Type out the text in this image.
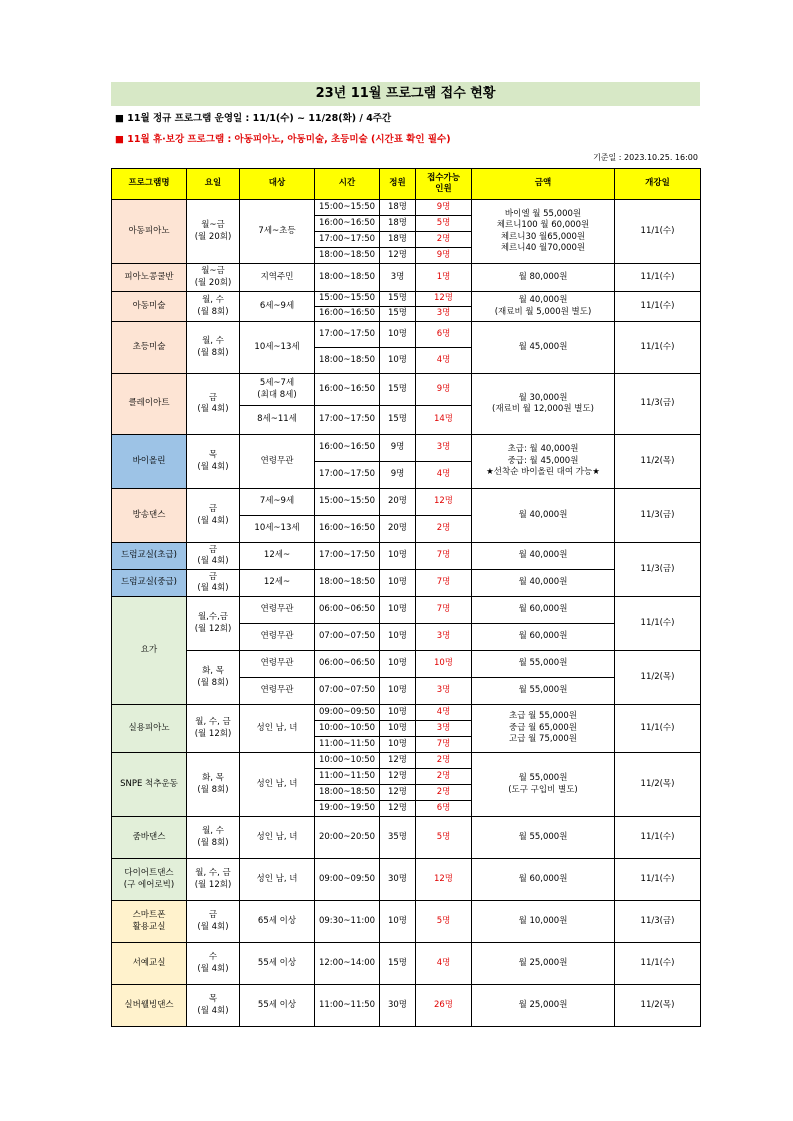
23년 11월 프로그램 접수 현황
■ 11월 정규 프로그램 운영일 : 11/1(수) ~ 11/28(화) / 4주간
■ 11월 휴·보강 프로그램 : 아동피아노, 아동미술, 초등미술 (시간표 확인 필수)
기준일 : 2023.10.25. 16:00
프로그램명	요일	대상	시간	정원	접수가능
인원	금액	개강일
아동피아노	월~금
(월 20회)	7세~초등	15:00~15:50	18명	9명	바이엘 월 55,000원
체르니100 월 60,000원
체르니30 월65,000원
체르니40 월70,000원	11/1(수)
			16:00~16:50	18명	5명		
			17:00~17:50	18명	2명		
			18:00~18:50	12명	9명		
피아노콩쿨반	월~금
(월 20회)	지역주민	18:00~18:50	3명	1명	월 80,000원	11/1(수)
아동미술	월, 수
(월 8회)	6세~9세	15:00~15:50	15명	12명	월 40,000원
(재료비 월 5,000원 별도)	11/1(수)
			16:00~16:50	15명	3명		
초등미술	월, 수
(월 8회)	10세~13세	17:00~17:50	10명	6명	월 45,000원	11/1(수)
			18:00~18:50	10명	4명		
클레이아트	금
(월 4회)	5세~7세
(최대 8세)	16:00~16:50	15명	9명	월 30,000원
(재료비 월 12,000원 별도)	11/3(금)
		8세~11세	17:00~17:50	15명	14명		
바이올린	목
(월 4회)	연령무관	16:00~16:50	9명	3명	초급: 월 40,000원
중급: 월 45,000원
★선착순 바이올린 대여 가능★	11/2(목)
			17:00~17:50	9명	4명		
방송댄스	금
(월 4회)	7세~9세	15:00~15:50	20명	12명	월 40,000원	11/3(금)
		10세~13세	16:00~16:50	20명	2명		
드럼교실(초급)	금
(월 4회)	12세~	17:00~17:50	10명	7명	월 40,000원	11/3(금)
드럼교실(중급)	금
(월 4회)	12세~	18:00~18:50	10명	7명	월 40,000원	
요가	월,수,금
(월 12회)	연령무관	06:00~06:50	10명	7명	월 60,000원	11/1(수)
		연령무관	07:00~07:50	10명	3명	월 60,000원	
	화, 목
(월 8회)	연령무관	06:00~06:50	10명	10명	월 55,000원	11/2(목)
		연령무관	07:00~07:50	10명	3명	월 55,000원	
실용피아노	월, 수, 금
(월 12회)	성인 남, 녀	09:00~09:50	10명	4명	초급 월 55,000원
중급 월 65,000원
고급 월 75,000원	11/1(수)
			10:00~10:50	10명	3명		
			11:00~11:50	10명	7명		
SNPE 척추운동	화, 목
(월 8회)	성인 남, 녀	10:00~10:50	12명	2명	월 55,000원
(도구 구입비 별도)	11/2(목)
			11:00~11:50	12명	2명		
			18:00~18:50	12명	2명		
			19:00~19:50	12명	6명		
줌바댄스	월, 수
(월 8회)	성인 남, 녀	20:00~20:50	35명	5명	월 55,000원	11/1(수)
다이어트댄스
(구 에어로빅)	월, 수, 금
(월 12회)	성인 남, 녀	09:00~09:50	30명	12명	월 60,000원	11/1(수)
스마트폰
활용교실	금
(월 4회)	65세 이상	09:30~11:00	10명	5명	월 10,000원	11/3(금)
서예교실	수
(월 4회)	55세 이상	12:00~14:00	15명	4명	월 25,000원	11/1(수)
실버웰빙댄스	목
(월 4회)	55세 이상	11:00~11:50	30명	26명	월 25,000원	11/2(목)
